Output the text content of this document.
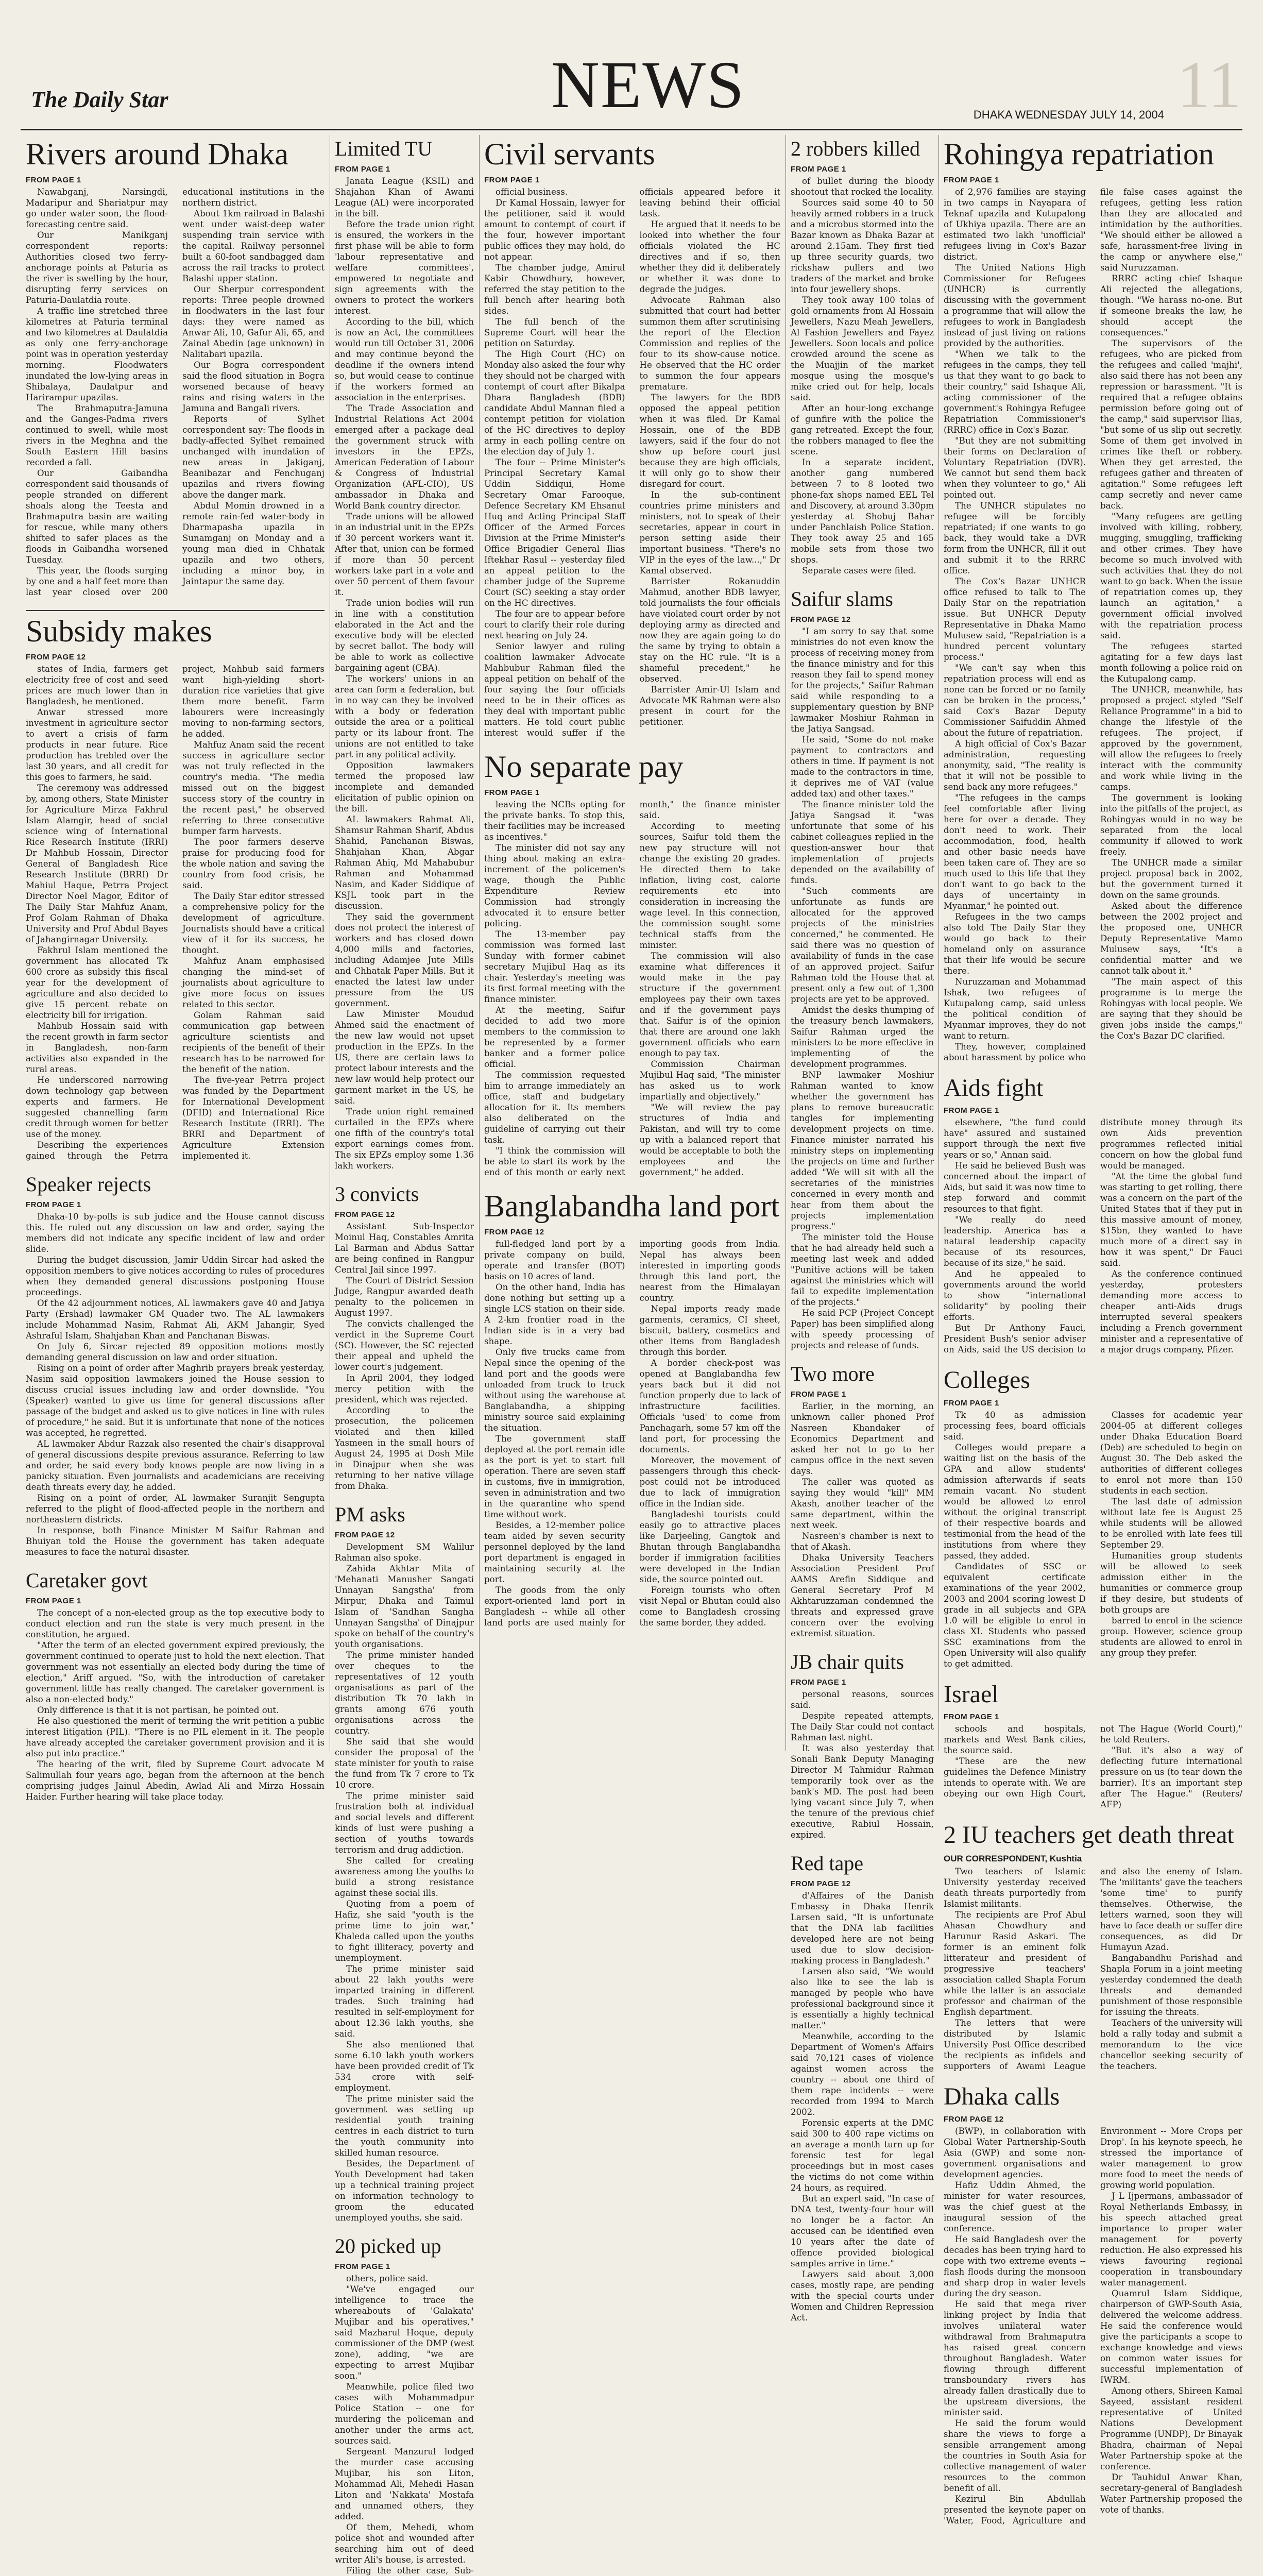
The Daily Star	NEWS	11
DHAKA WEDNESDAY JULY 14, 2004
Rivers around Dhaka
FROM PAGE 1

Nawabganj, Narsingdi, Madaripur and Shariatpur may go under water soon, the flood-forecasting centre said.

Our Manikganj correspondent reports: Authorities closed two ferry-anchorage points at Paturia as the river is swelling by the hour, disrupting ferry services on Paturia-Daulatdia route.

A traffic line stretched three kilometres at Paturia terminal and two kilometres at Daulatdia as only one ferry-anchorage point was in operation yesterday morning. Floodwaters inundated the low-lying areas in Shibalaya, Daulatpur and Harirampur upazilas.

The Brahmaputra-Jamuna and the Ganges-Padma rivers continued to swell, while most rivers in the Meghna and the South Eastern Hill basins recorded a fall.

Our Gaibandha correspondent said thousands of people stranded on different shoals along the Teesta and Brahmaputra basin are waiting for rescue, while many others shifted to safer places as the floods in Gaibandha worsened Tuesday.

This year, the floods surging by one and a half feet more than last year closed over 200 educational institutions in the northern district.

About 1km railroad in Balashi went under waist-deep water suspending train service with the capital. Railway personnel built a 60-foot sandbagged dam across the rail tracks to protect Balashi upper station.

Our Sherpur correspondent reports: Three people drowned in floodwaters in the last four days: they were named as Anwar Ali, 10, Gafur Ali, 65, and Zainal Abedin (age unknown) in Nalitabari upazila.

Our Bogra correspondent said the flood situation in Bogra worsened because of heavy rains and rising waters in the Jamuna and Bangali rivers.

Reports of Sylhet correspondent say: The floods in badly-affected Sylhet remained unchanged with inundation of new areas in Jakiganj, Beanibazar and Fenchuganj upazilas and rivers flowing above the danger mark.

Abdul Momin drowned in a remote rain-fed water-body in Dharmapasha upazila in Sunamganj on Monday and a young man died in Chhatak upazila and two others, including a minor boy, in Jaintapur the same day.

Subsidy makes
FROM PAGE 12

states of India, farmers get electricity free of cost and seed prices are much lower than in Bangladesh, he mentioned.

Anwar stressed more investment in agriculture sector to avert a crisis of farm products in near future. Rice production has trebled over the last 30 years, and all credit for this goes to farmers, he said.

The ceremony was addressed by, among others, State Minister for Agriculture Mirza Fakhrul Islam Alamgir, head of social science wing of International Rice Research Institute (IRRI) Dr Mahbub Hossain, Director General of Bangladesh Rice Research Institute (BRRI) Dr Mahiul Haque, Petrra Project Director Noel Magor, Editor of The Daily Star Mahfuz Anam, Prof Golam Rahman of Dhaka University and Prof Abdul Bayes of Jahangirnagar University.

Fakhrul Islam mentioned the government has allocated Tk 600 crore as subsidy this fiscal year for the development of agriculture and also decided to give 15 percent rebate on electricity bill for irrigation.

Mahbub Hossain said with the recent growth in farm sector in Bangladesh, non-farm activities also expanded in the rural areas.

He underscored narrowing down technology gap between experts and farmers. He suggested channelling farm credit through women for better use of the money.

Describing the experiences gained through the Petrra project, Mahbub said farmers want high-yielding short-duration rice varieties that give them more benefit. Farm labourers were increasingly moving to non-farming sectors, he added.

Mahfuz Anam said the recent success in agriculture sector was not truly reflected in the country's media. "The media missed out on the biggest success story of the country in the recent past," he observed referring to three consecutive bumper farm harvests.

The poor farmers deserve praise for producing food for the whole nation and saving the country from food crisis, he said.

The Daily Star editor stressed a comprehensive policy for the development of agriculture. Journalists should have a critical view of it for its success, he thought.

Mahfuz Anam emphasised changing the mind-set of journalists about agriculture to give more focus on issues related to this sector.

Golam Rahman said communication gap between agriculture scientists and recipients of the benefit of their research has to be narrowed for the benefit of the nation.

The five-year Petrra project was funded by the Department for International Development (DFID) and International Rice Research Institute (IRRI). The BRRI and Department of Agriculture Extension implemented it.

Speaker rejects
FROM PAGE 1

Dhaka-10 by-polls is sub judice and the House cannot discuss this. He ruled out any discussion on law and order, saying the members did not indicate any specific incident of law and order slide.

During the budget discussion, Jamir Uddin Sircar had asked the opposition members to give notices according to rules of procedures when they demanded general discussions postponing House proceedings.

Of the 42 adjournment notices, AL lawmakers gave 40 and Jatiya Party (Ershad) lawmaker GM Quader two. The AL lawmakers include Mohammad Nasim, Rahmat Ali, AKM Jahangir, Syed Ashraful Islam, Shahjahan Khan and Panchanan Biswas.

On July 6, Sircar rejected 89 opposition motions mostly demanding general discussion on law and order situation.

Rising on a point of order after Maghrib prayers break yesterday, Nasim said opposition lawmakers joined the House session to discuss crucial issues including law and order downslide. "You (Speaker) wanted to give us time for general discussions after passage of the budget and asked us to give notices in line with rules of procedure," he said. But it is unfortunate that none of the notices was accepted, he regretted.

AL lawmaker Abdur Razzak also resented the chair's disapproval of general discussions despite previous assurance. Referring to law and order, he said every body knows people are now living in a panicky situation. Even journalists and academicians are receiving death threats every day, he added.

Rising on a point of order, AL lawmaker Suranjit Sengupta referred to the plight of flood-affected people in the northern and northeastern districts.

In response, both Finance Minister M Saifur Rahman and Bhuiyan told the House the government has taken adequate measures to face the natural disaster.

Caretaker govt
FROM PAGE 1

The concept of a non-elected group as the top executive body to conduct election and run the state is very much present in the constitution, he argued.

"After the term of an elected government expired previously, the government continued to operate just to hold the next election. That government was not essentially an elected body during the time of election," Ariff argued. "So, with the introduction of caretaker government little has really changed. The caretaker government is also a non-elected body."

Only difference is that it is not partisan, he pointed out.

He also questioned the merit of terming the writ petition a public interest litigation (PIL). "There is no PIL element in it. The people have already accepted the caretaker government provision and it is also put into practice."

The hearing of the writ, filed by Supreme Court advocate M Salimullah four years ago, began from the afternoon at the bench comprising judges Jainul Abedin, Awlad Ali and Mirza Hossain Haider. Further hearing will take place today.

Limited TU
FROM PAGE 1

Janata League (KSIL) and Shajahan Khan of Awami League (AL) were incorporated in the bill.

Before the trade union right is ensured, the workers in the first phase will be able to form 'labour representative and welfare committees', empowered to negotiate and sign agreements with the owners to protect the workers interest.

According to the bill, which is now an Act, the committees would run till October 31, 2006 and may continue beyond the deadline if the owners intend so, but would cease to continue if the workers formed an association in the enterprises.

The Trade Association and Industrial Relations Act 2004 emerged after a package deal the government struck with investors in the EPZs, American Federation of Labour & Congress of Industrial Organization (AFL-CIO), US ambassador in Dhaka and World Bank country director.

Trade unions will be allowed in an industrial unit in the EPZs if 30 percent workers want it. After that, union can be formed if more than 50 percent workers take part in a vote and over 50 percent of them favour it.

Trade union bodies will run in line with a constitution elaborated in the Act and the executive body will be elected by secret ballot. The body will be able to work as collective bargaining agent (CBA).

The workers' unions in an area can form a federation, but in no way can they be involved with a body or federation outside the area or a political party or its labour front. The unions are not entitled to take part in any political activity.

Opposition lawmakers termed the proposed law incomplete and demanded elicitation of public opinion on the bill.

AL lawmakers Rahmat Ali, Shamsur Rahman Sharif, Abdus Shahid, Panchanan Biswas, Shahjahan Khan, Abgar Rahman Ahiq, Md Mahabubur Rahman and Mohammad Nasim, and Kader Siddique of KSJL took part in the discussion.

They said the government does not protect the interest of workers and has closed down 4,000 mills and factories, including Adamjee Jute Mills and Chhatak Paper Mills. But it enacted the latest law under pressure from the US government.

Law Minister Moudud Ahmed said the enactment of the new law would not upset production in the EPZs. In the US, there are certain laws to protect labour interests and the new law would help protect our garment market in the US, he said.

Trade union right remained curtailed in the EPZs where one fifth of the country's total export earnings comes from. The six EPZs employ some 1.36 lakh workers.

3 convicts
FROM PAGE 12

Assistant Sub-Inspector Moinul Haq, Constables Amrita Lal Barman and Abdus Sattar are being confined in Rangpur Central Jail since 1997.

The Court of District Session Judge, Rangpur awarded death penalty to the policemen in August 1997.

The convicts challenged the verdict in the Supreme Court (SC). However, the SC rejected their appeal and upheld the lower court's judgement.

In April 2004, they lodged mercy petition with the president, which was rejected.

According to the prosecution, the policemen violated and then killed Yasmeen in the small hours of August 24, 1995 at Dosh Mile in Dinajpur when she was returning to her native village from Dhaka.

PM asks
FROM PAGE 12

Development SM Walilur Rahman also spoke.

Zahida Akhtar Mita of 'Mehanati Manusher Sangati Unnayan Sangstha' from Mirpur, Dhaka and Taimul Islam of 'Sandhan Sangha Unnayan Sangstha' of Dinajpur spoke on behalf of the country's youth organisations.

The prime minister handed over cheques to the representatives of 12 youth organisations as part of the distribution Tk 70 lakh in grants among 676 youth organisations across the country.

She said that she would consider the proposal of the state minister for youth to raise the fund from Tk 7 crore to Tk 10 crore.

The prime minister said frustration both at individual and social levels and different kinds of lust were pushing a section of youths towards terrorism and drug addiction.

She called for creating awareness among the youths to build a strong resistance against these social ills.

Quoting from a poem of Hafiz, she said "youth is the prime time to join war," Khaleda called upon the youths to fight illiteracy, poverty and unemployment.

The prime minister said about 22 lakh youths were imparted training in different trades. Such training had resulted in self-employment for about 12.36 lakh youths, she said.

She also mentioned that some 6.10 lakh youth workers have been provided credit of Tk 534 crore with self-employment.

The prime minister said the government was setting up residential youth training centres in each district to turn the youth community into skilled human resource.

Besides, the Department of Youth Development had taken up a technical training project on information technology to groom the educated unemployed youths, she said.

20 picked up
FROM PAGE 1

others, police said.

"We've engaged our intelligence to trace the whereabouts of 'Galakata' Mujibar and his operatives," said Mazharul Hoque, deputy commissioner of the DMP (west zone), adding, "we are expecting to arrest Mujibar soon."

Meanwhile, police filed two cases with Mohammadpur Police Station -- one for murdering the policeman and another under the arms act, sources said.

Sergeant Manzurul lodged the murder case accusing Mujibar, his son Liton, Mohammad Ali, Mehedi Hasan Liton and 'Nakkata' Mostafa and unnamed others, they added.

Of them, Mehedi, whom police shot and wounded after searching him out of deed writer Ali's house, is arrested.

Filing the other case, Sub-

Civil servants
FROM PAGE 1

official business.

Dr Kamal Hossain, lawyer for the petitioner, said it would amount to contempt of court if the four, however important public offices they may hold, do not appear.

The chamber judge, Amirul Kabir Chowdhury, however, referred the stay petition to the full bench after hearing both sides.

The full bench of the Supreme Court will hear the petition on Saturday.

The High Court (HC) on Monday also asked the four why they should not be charged with contempt of court after Bikalpa Dhara Bangladesh (BDB) candidate Abdul Mannan filed a contempt petition for violation of the HC directives to deploy army in each polling centre on the election day of July 1.

The four -- Prime Minister's Principal Secretary Kamal Uddin Siddiqui, Home Secretary Omar Farooque, Defence Secretary KM Ehsanul Huq and Acting Principal Staff Officer of the Armed Forces Division at the Prime Minister's Office Brigadier General Ilias Iftekhar Rasul -- yesterday filed an appeal petition to the chamber judge of the Supreme Court (SC) seeking a stay order on the HC directives.

The four are to appear before court to clarify their role during next hearing on July 24.

Senior lawyer and ruling coalition lawmaker Advocate Mahbubur Rahman filed the appeal petition on behalf of the four saying the four officials need to be in their offices as they deal with important public matters. He told court public interest would suffer if the officials appeared before it leaving behind their official task.

He argued that it needs to be looked into whether the four officials violated the HC directives and if so, then whether they did it deliberately or whether it was done to degrade the judges.

Advocate Rahman also submitted that court had better summon them after scrutinising the report of the Election Commission and replies of the four to its show-cause notice. He observed that the HC order to summon the four appears premature.

The lawyers for the BDB opposed the appeal petition when it was filed. Dr Kamal Hossain, one of the BDB lawyers, said if the four do not show up before court just because they are high officials, it will only go to show their disregard for court.

In the sub-continent countries prime ministers and ministers, not to speak of their secretaries, appear in court in person setting aside their important business. "There's no VIP in the eyes of the law...," Dr Kamal observed.

Barrister Rokanuddin Mahmud, another BDB lawyer, told journalists the four officials have violated court order by not deploying army as directed and now they are again going to do the same by trying to obtain a stay on the HC rule. "It is a shameful precedent," he observed.

Barrister Amir-Ul Islam and Advocate MK Rahman were also present in court for the petitioner.

No separate pay
FROM PAGE 1

leaving the NCBs opting for the private banks. To stop this, their facilities may be increased as incentives."

The minister did not say any thing about making an extra-increment of the policemen's wage, though the Public Expenditure Review Commission had strongly advocated it to ensure better policing.

The 13-member pay commission was formed last Sunday with former cabinet secretary Mujibul Haq as its chair. Yesterday's meeting was its first formal meeting with the finance minister.

At the meeting, Saifur decided to add two more members to the commission to be represented by a former banker and a former police official.

The commission requested him to arrange immediately an office, staff and budgetary allocation for it. Its members also deliberated on the guideline of carrying out their task.

"I think the commission will be able to start its work by the end of this month or early next month," the finance minister said.

According to meeting sources, Saifur told them the new pay structure will not change the existing 20 grades. He directed them to take inflation, living cost, calorie requirements etc into consideration in increasing the wage level. In this connection, the commission sought some technical staffs from the minister.

The commission will also examine what differences it would make in the pay structure if the government employees pay their own taxes and if the government pays that. Saifur is of the opinion that there are around one lakh government officials who earn enough to pay tax.

Commission Chairman Mujibul Haq said, "The minister has asked us to work impartially and objectively."

"We will review the pay structures of India and Pakistan, and will try to come up with a balanced report that would be acceptable to both the employees and the government," he added.

Banglabandha land port
FROM PAGE 12

full-fledged land port by a private company on build, operate and transfer (BOT) basis on 10 acres of land.

On the other hand, India has done nothing but setting up a single LCS station on their side. A 2-km frontier road in the Indian side is in a very bad shape.

Only five trucks came from Nepal since the opening of the land port and the goods were unloaded from truck to truck without using the warehouse at Banglabandha, a shipping ministry source said explaining the situation.

The government staff deployed at the port remain idle as the port is yet to start full operation. There are seven staff in customs, five in immigration, seven in administration and two in the quarantine who spend time without work.

Besides, a 12-member police team aided by seven security personnel deployed by the land port department is engaged in maintaining security at the port.

The goods from the only export-oriented land port in Bangladesh -- while all other land ports are used mainly for importing goods from India. Nepal has always been interested in importing goods through this land port, the nearest from the Himalayan country.

Nepal imports ready made garments, ceramics, CI sheet, biscuit, battery, cosmetics and other items from Bangladesh through this border.

A border check-post was opened at Banglabandha few years back but it did not function properly due to lack of infrastructure facilities. Officials 'used' to come from Panchagarh, some 57 km off the land port, for processing the documents.

Moreover, the movement of passengers through this check-post could not be introduced due to lack of immigration office in the Indian side.

Bangladeshi tourists could easily go to attractive places like Darjeeling, Gangtok and Bhutan through Banglabandha border if immigration facilities were developed in the Indian side, the source pointed out.

Foreign tourists who often visit Nepal or Bhutan could also come to Bangladesh crossing the same border, they added.

2 robbers killed
FROM PAGE 1

of bullet during the bloody shootout that rocked the locality.

Sources said some 40 to 50 heavily armed robbers in a truck and a microbus stormed into the Bazar known as Dhaka Bazar at around 2.15am. They first tied up three security guards, two rickshaw pullers and two traders of the market and broke into four jewellery shops.

They took away 100 tolas of gold ornaments from Al Hossain Jewellers, Nazu Meah Jewellers, Al Fashion Jewellers and Fayez Jewellers. Soon locals and police crowded around the scene as the Muajjin of the market mosque using the mosque's mike cried out for help, locals said.

After an hour-long exchange of gunfire with the police the gang retreated. Except the four, the robbers managed to flee the scene.

In a separate incident, another gang numbered between 7 to 8 looted two phone-fax shops named EEL Tel and Discovery, at around 3.30pm yesterday at Shobuj Bahar under Panchlaish Police Station. They took away 25 and 165 mobile sets from those two shops.

Separate cases were filed.

Saifur slams
FROM PAGE 12

"I am sorry to say that some ministries do not even know the process of receiving money from the finance ministry and for this reason they fail to spend money for the projects," Saifur Rahman said while responding to a supplementary question by BNP lawmaker Moshiur Rahman in the Jatiya Sangsad.

He said, "Some do not make payment to contractors and others in time. If payment is not made to the contractors in time, it deprives me of VAT (value added tax) and other taxes."

The finance minister told the Jatiya Sangsad it "was unfortunate that some of his cabinet colleagues replied in the question-answer hour that implementation of projects depended on the availability of funds.

"Such comments are unfortunate as funds are allocated for the approved projects of the ministries concerned," he commented. He said there was no question of availability of funds in the case of an approved project. Saifur Rahman told the House that at present only a few out of 1,300 projects are yet to be approved.

Amidst the desks thumping of the treasury bench lawmakers, Saifur Rahman urged the ministers to be more effective in implementing of the development programmes.

BNP lawmaker Moshiur Rahman wanted to know whether the government has plans to remove bureaucratic tangles for implementing development projects on time. Finance minister narrated his ministry steps on implementing the projects on time and further added "We will sit with all the secretaries of the ministries concerned in every month and hear from them about the projects implementation progress."

The minister told the House that he had already held such a meeting last week and added "Punitive actions will be taken against the ministries which will fail to expedite implementation of the projects."

He said PCP (Project Concept Paper) has been simplified along with speedy processing of projects and release of funds.

Two more
FROM PAGE 1

Earlier, in the morning, an unknown caller phoned Prof Nasreen Khandaker of Economics Department and asked her not to go to her campus office in the next seven days.

The caller was quoted as saying they would "kill" MM Akash, another teacher of the same department, within the next week.

Nasreen's chamber is next to that of Akash.

Dhaka University Teachers Association President Prof AAMS Arefin Siddique and General Secretary Prof M Akhtaruzzaman condemned the threats and expressed grave concern over the evolving extremist situation.

JB chair quits
FROM PAGE 1

personal reasons, sources said.

Despite repeated attempts, The Daily Star could not contact Rahman last night.

It was also yesterday that Sonali Bank Deputy Managing Director M Tahmidur Rahman temporarily took over as the bank's MD. The post had been lying vacant since July 7, when the tenure of the previous chief executive, Rabiul Hossain, expired.

Red tape
FROM PAGE 12

d'Affaires of the Danish Embassy in Dhaka Henrik Larsen said, "It is unfortunate that the DNA lab facilities developed here are not being used due to slow decision-making process in Bangladesh."

Larsen also said, "We would also like to see the lab is managed by people who have professional background since it is essentially a highly technical matter."

Meanwhile, according to the Department of Women's Affairs said 70,121 cases of violence against women across the country -- about one third of them rape incidents -- were recorded from 1994 to March 2002.

Forensic experts at the DMC said 300 to 400 rape victims on an average a month turn up for forensic test for legal proceedings but in most cases the victims do not come within 24 hours, as required.

But an expert said, "In case of DNA test, twenty-four hour will no longer be a factor. An accused can be identified even 10 years after the date of offence provided biological samples arrive in time."

Lawyers said about 3,000 cases, mostly rape, are pending with the special courts under Women and Children Repression Act.

Rohingya repatriation
FROM PAGE 1

of 2,976 families are staying in two camps in Nayapara of Teknaf upazila and Kutupalong of Ukhiya upazila. There are an estimated two lakh 'unofficial' refugees living in Cox's Bazar district.

The United Nations High Commissioner for Refugees (UNHCR) is currently discussing with the government a programme that will allow the refugees to work in Bangladesh instead of just living on rations provided by the authorities.

"When we talk to the refugees in the camps, they tell us that they want to go back to their country," said Ishaque Ali, acting commissioner of the government's Rohingya Refugee Repatriation Commissioner's (RRRC) office in Cox's Bazar.

"But they are not submitting their forms on Declaration of Voluntary Repatriation (DVR). We cannot but send them back when they volunteer to go," Ali pointed out.

The UNHCR stipulates no refugee will be forcibly repatriated; if one wants to go back, they would take a DVR form from the UNHCR, fill it out and submit it to the RRRC office.

The Cox's Bazar UNHCR office refused to talk to The Daily Star on the repatriation issue. But UNHCR Deputy Representative in Dhaka Mamo Mulusew said, "Repatriation is a hundred percent voluntary process."

"We can't say when this repatriation process will end as none can be forced or no family can be broken in the process," said Cox's Bazar Deputy Commissioner Saifuddin Ahmed about the future of repatriation.

A high official of Cox's Bazar administration, requesting anonymity, said, "The reality is that it will not be possible to send back any more refugees."

"The refugees in the camps feel comfortable after living here for over a decade. They don't need to work. Their accommodation, food, health and other basic needs have been taken care of. They are so much used to this life that they don't want to go back to the days of uncertainty in Myanmar," he pointed out.

Refugees in the two camps also told The Daily Star they would go back to their homeland only on assurance that their life would be secure there.

Nuruzzaman and Mohammad Ishak, two refugees of Kutupalong camp, said unless the political condition of Myanmar improves, they do not want to return.

They, however, complained about harassment by police who file false cases against the refugees, getting less ration than they are allocated and intimidation by the authorities. "We should either be allowed a safe, harassment-free living in the camp or anywhere else," said Nuruzzaman.

RRRC acting chief Ishaque Ali rejected the allegations, though. "We harass no-one. But if someone breaks the law, he should accept the consequences."

The supervisors of the refugees, who are picked from the refugees and called 'majhi', also said there has not been any repression or harassment. "It is required that a refugee obtains permission before going out of the camp," said supervisor Ilias, "but some of us slip out secretly. Some of them get involved in crimes like theft or robbery. When they get arrested, the refugees gather and threaten of agitation." Some refugees left camp secretly and never came back.

"Many refugees are getting involved with killing, robbery, mugging, smuggling, trafficking and other crimes. They have become so much involved with such activities that they do not want to go back. When the issue of repatriation comes up, they launch an agitation," a government official involved with the repatriation process said.

The refugees started agitating for a few days last month following a police raid on the Kutupalong camp.

The UNHCR, meanwhile, has proposed a project styled "Self Reliance Programme" in a bid to change the lifestyle of the refugees. The project, if approved by the government, will allow the refugees to freely interact with the community and work while living in the camps.

The government is looking into the pitfalls of the project, as Rohingyas would in no way be separated from the local community if allowed to work freely.

The UNHCR made a similar project proposal back in 2002, but the government turned it down on the same grounds.

Asked about the difference between the 2002 project and the proposed one, UNHCR Deputy Representative Mamo Mulusew says, "It's a confidential matter and we cannot talk about it."

"The main aspect of this programme is to merge the Rohingyas with local people. We are saying that they should be given jobs inside the camps," the Cox's Bazar DC clarified.

Aids fight
FROM PAGE 1

elsewhere, "the fund could have" assured and sustained support through the next five years or so," Annan said.

He said he believed Bush was concerned about the impact of Aids, but said it was now time to step forward and commit resources to that fight.

"We really do need leadership. America has a natural leadership capacity because of its resources, because of its size," he said.

And he appealed to governments around the world to show "international solidarity" by pooling their efforts.

But Dr Anthony Fauci, President Bush's senior adviser on Aids, said the US decision to distribute money through its own Aids prevention programmes reflected initial concern on how the global fund would be managed.

"At the time the global fund was starting to get rolling, there was a concern on the part of the United States that if they put in this massive amount of money, $15bn, they wanted to have much more of a direct say in how it was spent," Dr Fauci said.

As the conference continued yesterday, protesters demanding more access to cheaper anti-Aids drugs interrupted several speakers including a French government minister and a representative of a major drugs company, Pfizer.

Colleges
FROM PAGE 1

Tk 40 as admission processing fees, board officials said.

Colleges would prepare a waiting list on the basis of the GPA and allow students' admission afterwards if seats remain vacant. No student would be allowed to enrol without the original transcript of their respective boards and testimonial from the head of the institutions from where they passed, they added.

Candidates of SSC or equivalent certificate examinations of the year 2002, 2003 and 2004 scoring lowest D grade in all subjects and GPA 1.0 will be eligible to enrol in class XI. Students who passed SSC examinations from the Open University will also qualify to get admitted.

Classes for academic year 2004-05 at different colleges under Dhaka Education Board (Deb) are scheduled to begin on August 30. The Deb asked the authorities of different colleges to enrol not more than 150 students in each section.

The last date of admission without late fee is August 25 while students will be allowed to be enrolled with late fees till September 29.

Humanities group students will be allowed to seek admission either in the humanities or commerce group if they desire, but students of both groups are

barred to enrol in the science group. However, science group students are allowed to enrol in any group they prefer.

Israel
FROM PAGE 1

schools and hospitals, markets and West Bank cities, the source said.

"These are the new guidelines the Defence Ministry intends to operate with. We are obeying our own High Court, not The Hague (World Court)," he told Reuters.

"But it's also a way of deflecting future international pressure on us (to tear down the barrier). It's an important step after The Hague." (Reuters/ AFP)

2 IU teachers get death threat
OUR CORRESPONDENT, Kushtia

Two teachers of Islamic University yesterday received death threats purportedly from Islamist militants.

The recipients are Prof Abul Ahasan Chowdhury and Harunur Rasid Askari. The former is an eminent folk litterateur and president of progressive teachers' association called Shapla Forum while the latter is an associate professor and chairman of the English department.

The letters that were distributed by Islamic University Post Office described the recipients as infidels and supporters of Awami League and also the enemy of Islam. The 'militants' gave the teachers 'some time' to purify themselves. Otherwise, the letters warned, soon they will have to face death or suffer dire consequences, as did Dr Humayun Azad.

Bangabandhu Parishad and Shapla Forum in a joint meeting yesterday condemned the death threats and demanded punishment of those responsible for issuing the threats.

Teachers of the university will hold a rally today and submit a memorandum to the vice chancellor seeking security of the teachers.

Dhaka calls
FROM PAGE 12

(BWP), in collaboration with Global Water Partnership-South Asia (GWP) and some non-government organisations and development agencies.

Hafiz Uddin Ahmed, the minister for water resources, was the chief guest at the inaugural session of the conference.

He said Bangladesh over the decades has been trying hard to cope with two extreme events -- flash floods during the monsoon and sharp drop in water levels during the dry season.

He said that mega river linking project by India that involves unilateral water withdrawal from Brahmaputra has raised great concern throughout Bangladesh. Water flowing through different transboundary rivers has already fallen drastically due to the upstream diversions, the minister said.

He said the forum would share the views to forge a sensible arrangement among the countries in South Asia for collective management of water resources to the common benefit of all.

Kezirul Bin Abdullah presented the keynote paper on 'Water, Food, Agriculture and Environment -- More Crops per Drop'. In his keynote speech, he stressed the importance of water management to grow more food to meet the needs of growing world population.

J L Ijpermans, ambassador of Royal Netherlands Embassy, in his speech attached great importance to proper water management for poverty reduction. He also expressed his views favouring regional cooperation in transboundary water management.

Quamrul Islam Siddique, chairperson of GWP-South Asia, delivered the welcome address. He said the conference would give the participants a scope to exchange knowledge and views on common water issues for successful implementation of IWRM.

Among others, Shireen Kamal Sayeed, assistant resident representative of United Nations Development Programme (UNDP), Dr Binayak Bhadra, chairman of Nepal Water Partnership spoke at the conference.

Dr Tauhidul Anwar Khan, secretary-general of Bangladesh Water Partnership proposed the vote of thanks.
